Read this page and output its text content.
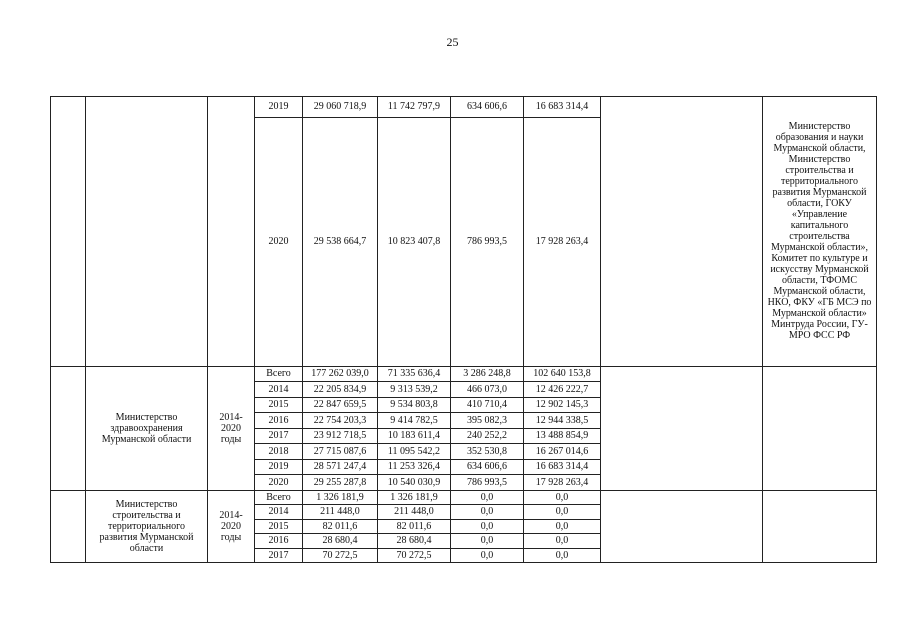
25
			2019	29 060 718,9	11 742 797,9	634 606,6	16 683 314,4		Министерство образования и науки Мурманской области, Министерство строительства и территориального развития Мурманской области, ГОКУ «Управление капитального строительства Мурманской области», Комитет по культуре и искусству Мурманской области, ТФОМС Мурманской области, НКО, ФКУ «ГБ МСЭ по Мурманской области» Минтруда России, ГУ-МРО ФСС РФ
			2020	29 538 664,7	10 823 407,8	786 993,5	17 928 263,4		
	Министерство здравоохранения Мурманской области	2014-2020 годы	Всего	177 262 039,0	71 335 636,4	3 286 248,8	102 640 153,8		
			2014	22 205 834,9	9 313 539,2	466 073,0	12 426 222,7		
			2015	22 847 659,5	9 534 803,8	410 710,4	12 902 145,3		
			2016	22 754 203,3	9 414 782,5	395 082,3	12 944 338,5		
			2017	23 912 718,5	10 183 611,4	240 252,2	13 488 854,9		
			2018	27 715 087,6	11 095 542,2	352 530,8	16 267 014,6		
			2019	28 571 247,4	11 253 326,4	634 606,6	16 683 314,4		
			2020	29 255 287,8	10 540 030,9	786 993,5	17 928 263,4		
	Министерство строительства и территориального развития Мурманской области	2014-2020 годы	Всего	1 326 181,9	1 326 181,9	0,0	0,0		
			2014	211 448,0	211 448,0	0,0	0,0		
			2015	82 011,6	82 011,6	0,0	0,0		
			2016	28 680,4	28 680,4	0,0	0,0		
			2017	70 272,5	70 272,5	0,0	0,0		
